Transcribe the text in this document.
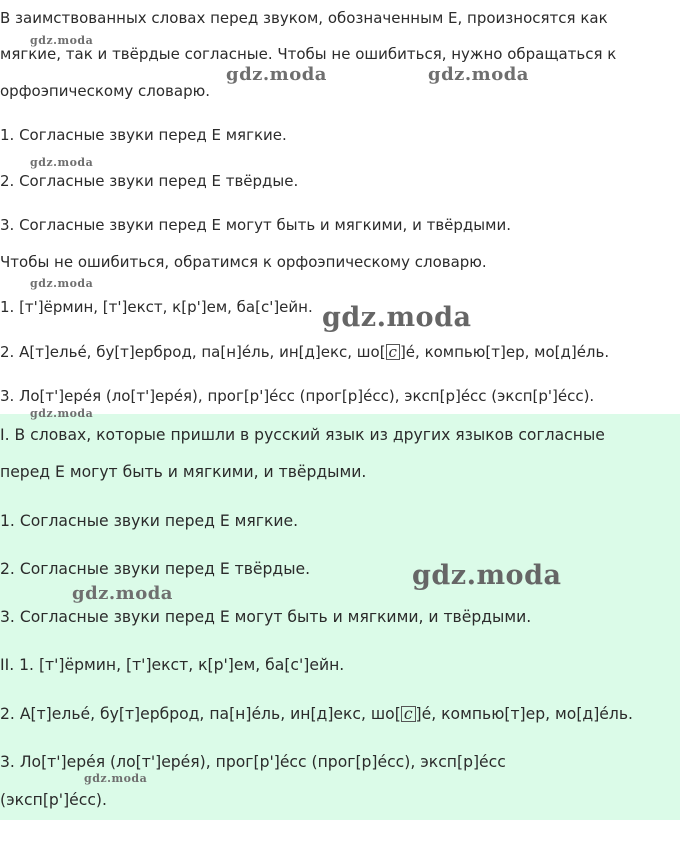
В заимствованных словах перед звуком, обозначенным Е, произносятся как
мягкие, так и твёрдые согласные. Чтобы не ошибиться, нужно обращаться к
орфоэпическому словарю.
1. Согласные звуки перед Е мягкие.
2. Согласные звуки перед Е твёрдые.
3. Согласные звуки перед Е могут быть и мягкими, и твёрдыми.
Чтобы не ошибиться, обратимся к орфоэпическому словарю.
1. [т']ёрмин, [т']екст, к[р']ем, ба[с']ейн.
2. А[т]ельé, бу[т]ерброд, па[н]éль, ин[д]екс, шо[ с ]é, компью[т]ер, мо[д]éль.
3. Ло[т']ерéя (ло[т']ерéя), прог[р']éсс (прог[р]éсс), эксп[р]éсс (эксп[р']éсс).
I. В словах, которые пришли в русский язык из других языков согласные
перед Е могут быть и мягкими, и твёрдыми.
1. Согласные звуки перед Е мягкие.
2. Согласные звуки перед Е твёрдые.
3. Согласные звуки перед Е могут быть и мягкими, и твёрдыми.
II. 1. [т']ёрмин, [т']екст, к[р']ем, ба[с']ейн.
2. А[т]ельé, бу[т]ерброд, па[н]éль, ин[д]екс, шо[ с ]é, компью[т]ер, мо[д]éль.
3. Ло[т']ерéя (ло[т']ерéя), прог[р']éсс (прог[р]éсс), эксп[р]éсс
(эксп[р']éсс).
gdz.moda
gdz.moda	gdz.moda
gdz.moda
gdz.moda
gdz.moda
gdz.moda
gdz.moda
gdz.moda
gdz.moda
